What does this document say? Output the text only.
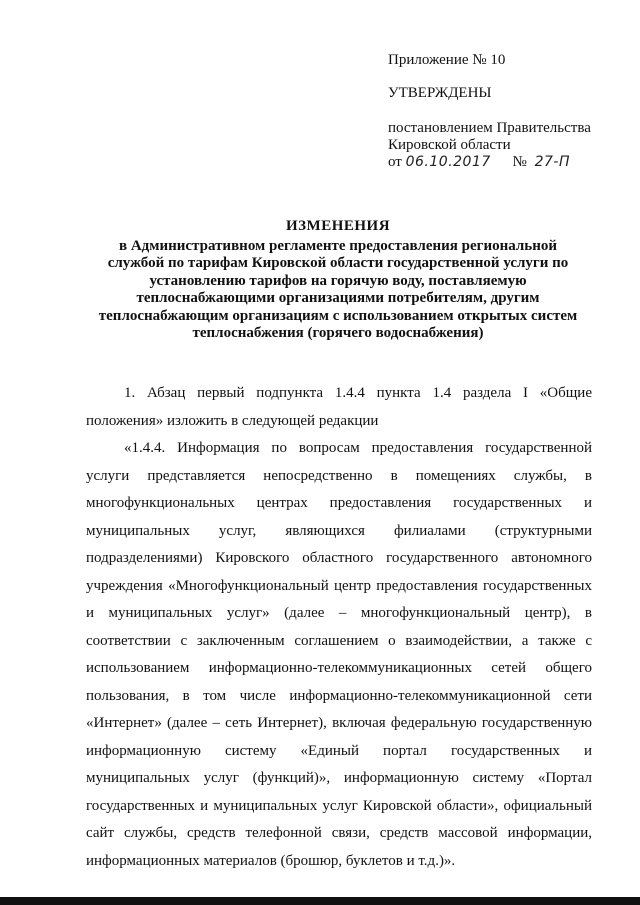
Приложение № 10
УТВЕРЖДЕНЫ
постановлением Правительства
Кировской области
от 06.10.2017 № 27-П
ИЗМЕНЕНИЯ
в Административном регламенте предоставления региональной
службой по тарифам Кировской области государственной услуги по
установлению тарифов на горячую воду, поставляемую
теплоснабжающими организациями потребителям, другим
теплоснабжающим организациям с использованием открытых систем
теплоснабжения (горячего водоснабжения)

1. Абзац первый подпункта 1.4.4 пункта 1.4 раздела I «Общие положения» изложить в следующей редакции

«1.4.4. Информация по вопросам предоставления государственной услуги представляется непосредственно в помещениях службы, в многофункциональных центрах предоставления государственных и муниципальных услуг, являющихся филиалами (структурными подразделениями) Кировского областного государственного автономного учреждения «Многофункциональный центр предоставления государственных и муниципальных услуг» (далее – многофункциональный центр), в соответствии с заключенным соглашением о взаимодействии, а также с использованием информационно-телекоммуникационных сетей общего пользования, в том числе информационно-телекоммуникационной сети «Интернет» (далее – сеть Интернет), включая федеральную государственную информационную систему «Единый портал государственных и муниципальных услуг (функций)», информационную систему «Портал государственных и муниципальных услуг Кировской области», официальный сайт службы, средств телефонной связи, средств массовой информации, информационных материалов (брошюр, буклетов и т.д.)».
